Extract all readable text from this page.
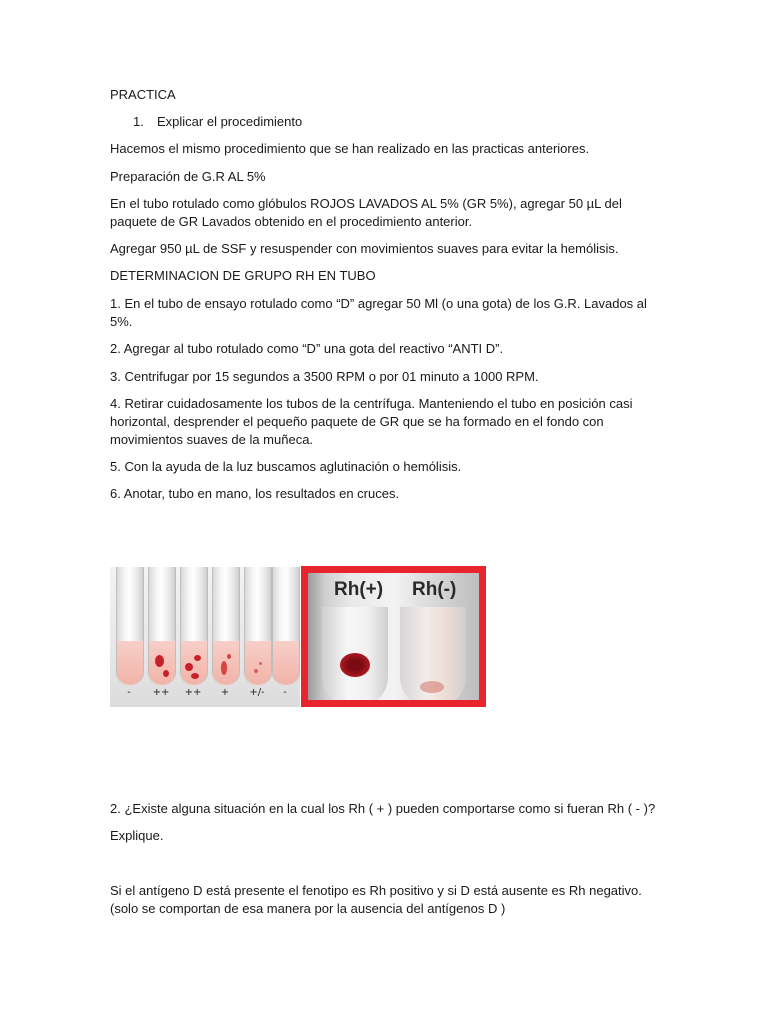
PRACTICA
1. Explicar el procedimiento
Hacemos el mismo procedimiento que se han realizado en las practicas anteriores.
Preparación de G.R AL 5%
En el tubo rotulado como glóbulos ROJOS LAVADOS AL 5% (GR 5%), agregar 50 µL del paquete de GR Lavados obtenido en el procedimiento anterior.
Agregar 950 µL de SSF y resuspender con movimientos suaves para evitar la hemólisis.
DETERMINACION DE GRUPO RH EN TUBO
1. En el tubo de ensayo rotulado como “D” agregar 50 Ml (o una gota) de los G.R. Lavados al 5%.
2. Agregar al tubo rotulado como “D” una gota del reactivo “ANTI D”.
3. Centrifugar por 15 segundos a 3500 RPM o por 01 minuto a 1000 RPM.
4. Retirar cuidadosamente los tubos de la centrífuga. Manteniendo el tubo en posición casi horizontal, desprender el pequeño paquete de GR que se ha formado en el fondo con movimientos suaves de la muñeca.
5. Con la ayuda de la luz buscamos aglutinación o hemólisis.
6. Anotar, tubo en mano, los resultados en cruces.
-	++	++	+	+/-	-
Rh(+) Rh(-)
2. ¿Existe alguna situación en la cual los Rh ( + ) pueden comportarse como si fueran Rh ( - )?
Explique.
Si el antígeno D está presente el fenotipo es Rh positivo y si D está ausente es Rh negativo.
(solo se comportan de esa manera por la ausencia del antígenos D )
